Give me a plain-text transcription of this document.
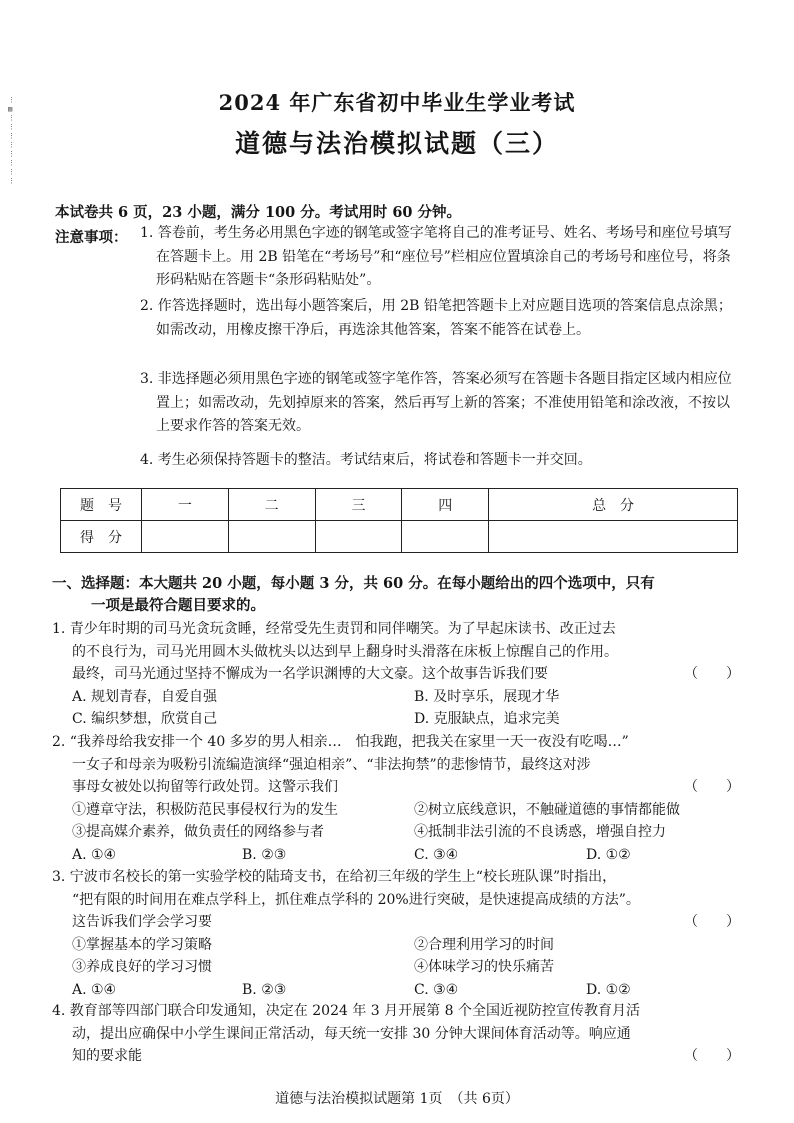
⋮
▨
⋮
⋮
⋮
⋮
⋮
⋮
⋮
⋮
2024 年广东省初中毕业生学业考试
道德与法治模拟试题（三）
本试卷共 6 页，23 小题，满分 100 分。考试用时 60 分钟。
注意事项： 1. 答卷前，考生务必用黑色字迹的钢笔或签字笔将自己的准考证号、姓名、考场号和座位号填写在答题卡上。用 2B 铅笔在“考场号”和“座位号”栏相应位置填涂自己的考场号和座位号，将条形码粘贴在答题卡“条形码粘贴处”。
2. 作答选择题时，选出每小题答案后，用 2B 铅笔把答题卡上对应题目选项的答案信息点涂黑；如需改动，用橡皮擦干净后，再选涂其他答案，答案不能答在试卷上。
3. 非选择题必须用黑色字迹的钢笔或签字笔作答，答案必须写在答题卡各题目指定区域内相应位置上；如需改动，先划掉原来的答案，然后再写上新的答案；不准使用铅笔和涂改液，不按以上要求作答的答案无效。
4. 考生必须保持答题卡的整洁。考试结束后，将试卷和答题卡一并交回。
题　号	一	二	三	四	总　分
得　分					
一、选择题：本大题共 20 小题，每小题 3 分，共 60 分。在每小题给出的四个选项中，只有
一项是最符合题目要求的。
1. 青少年时期的司马光贪玩贪睡，经常受先生责罚和同伴嘲笑。为了早起床读书、改正过去
的不良行为，司马光用圆木头做枕头以达到早上翻身时头滑落在床板上惊醒自己的作用。
最终，司马光通过坚持不懈成为一名学识渊博的大文豪。这个故事告诉我们要	（　　）
A. 规划青春，自爱自强	B. 及时享乐，展现才华
C. 编织梦想，欣赏自己	D. 克服缺点，追求完美
2. “我养母给我安排一个 40 多岁的男人相亲…　怕我跑，把我关在家里一天一夜没有吃喝…”
一女子和母亲为吸粉引流编造演绎“强迫相亲”、“非法拘禁”的悲惨情节，最终这对涉
事母女被处以拘留等行政处罚。这警示我们	（　　）
①遵章守法，积极防范民事侵权行为的发生	②树立底线意识，不触碰道德的事情都能做
③提高媒介素养，做负责任的网络参与者	④抵制非法引流的不良诱惑，增强自控力
A. ①④	B. ②③	C. ③④	D. ①②
3. 宁波市名校长的第一实验学校的陆琦支书，在给初三年级的学生上“校长班队课”时指出，
“把有限的时间用在难点学科上，抓住难点学科的 20%进行突破，是快速提高成绩的方法”。
这告诉我们学会学习要	（　　）
①掌握基本的学习策略	②合理利用学习的时间
③养成良好的学习习惯	④体味学习的快乐痛苦
A. ①④	B. ②③	C. ③④	D. ①②
4. 教育部等四部门联合印发通知，决定在 2024 年 3 月开展第 8 个全国近视防控宣传教育月活
动，提出应确保中小学生课间正常活动，每天统一安排 30 分钟大课间体育活动等。响应通
知的要求能	（　　）
道德与法治模拟试题第 1页　（共 6页）
